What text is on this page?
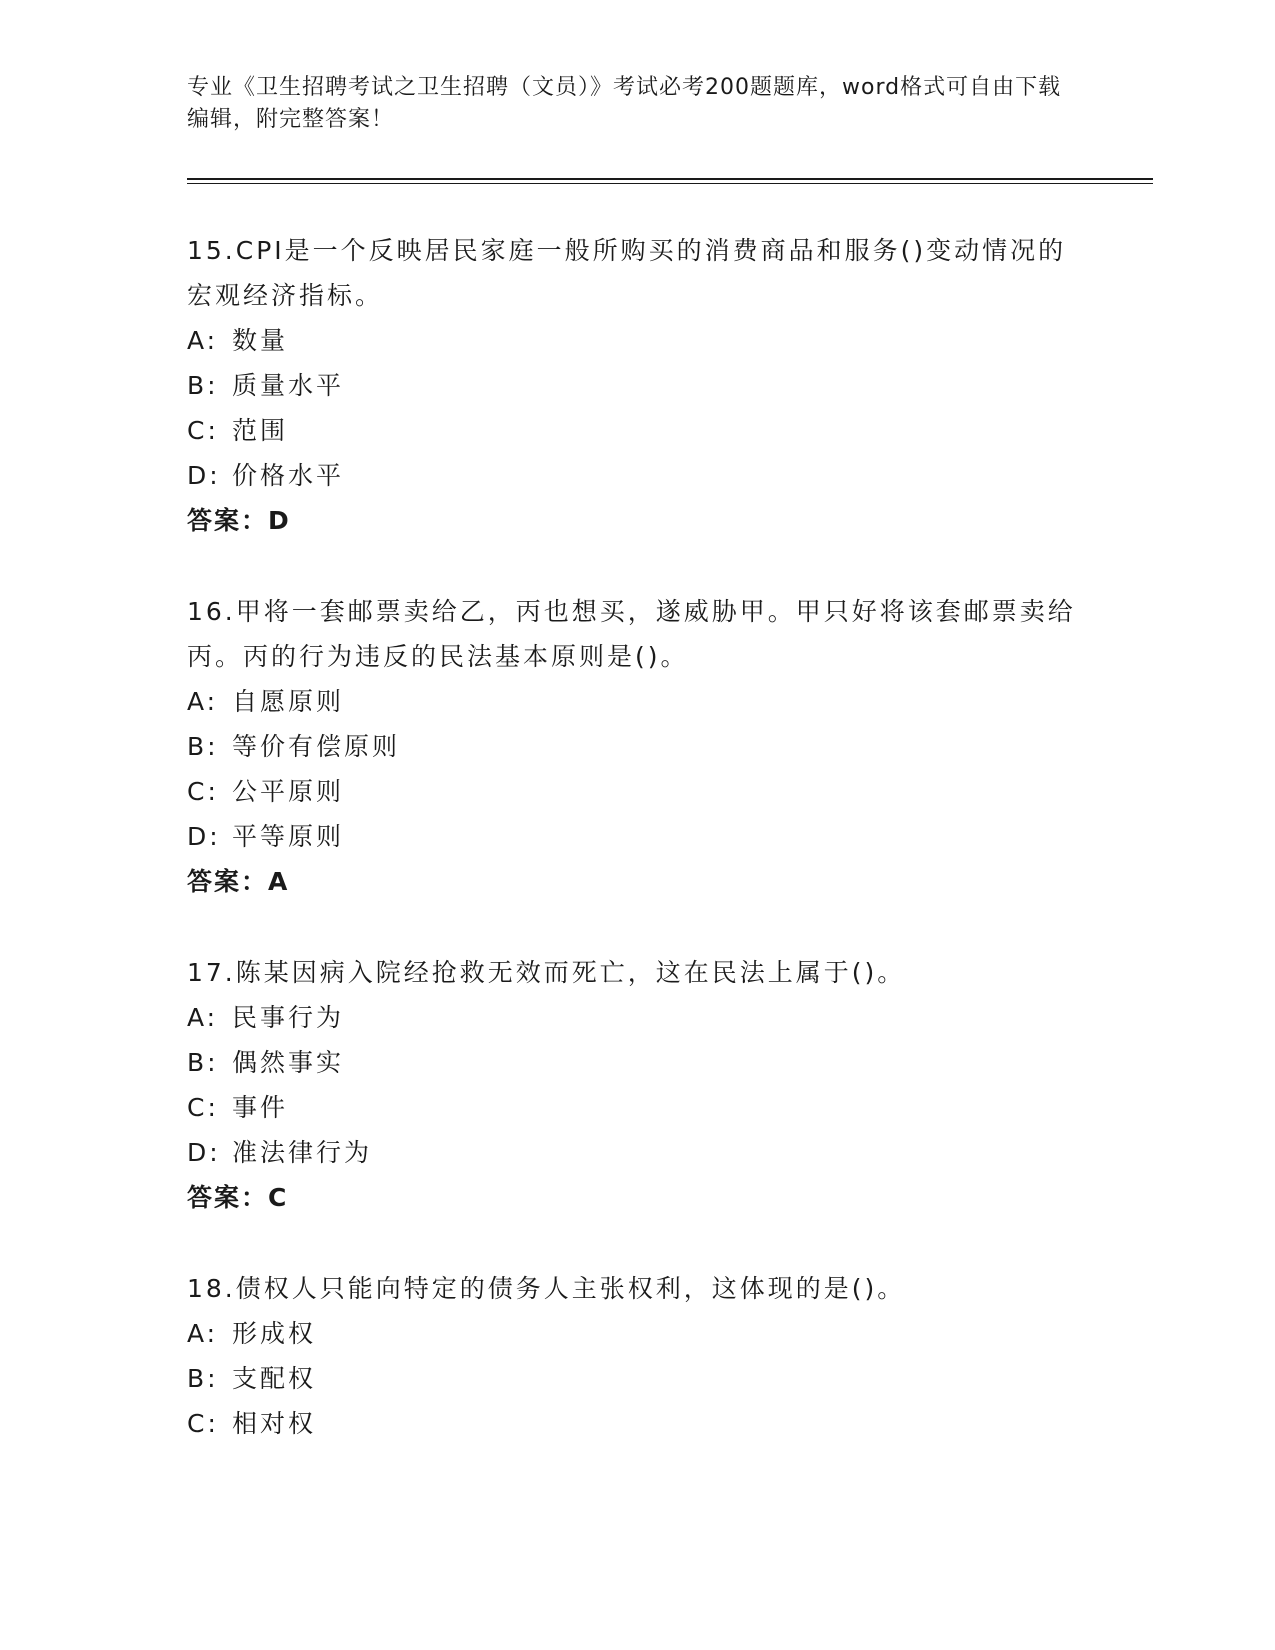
专业《卫生招聘考试之卫生招聘（文员）》考试必考200题题库，word格式可自由下载编辑，附完整答案！
15.CPI是一个反映居民家庭一般所购买的消费商品和服务()变动情况的宏观经济指标。
A: 数量
B: 质量水平
C: 范围
D: 价格水平
答案：D
16.甲将一套邮票卖给乙，丙也想买，遂威胁甲。甲只好将该套邮票卖给丙。丙的行为违反的民法基本原则是()。
A: 自愿原则
B: 等价有偿原则
C: 公平原则
D: 平等原则
答案：A
17.陈某因病入院经抢救无效而死亡，这在民法上属于()。
A: 民事行为
B: 偶然事实
C: 事件
D: 准法律行为
答案：C
18.债权人只能向特定的债务人主张权利，这体现的是()。
A: 形成权
B: 支配权
C: 相对权
